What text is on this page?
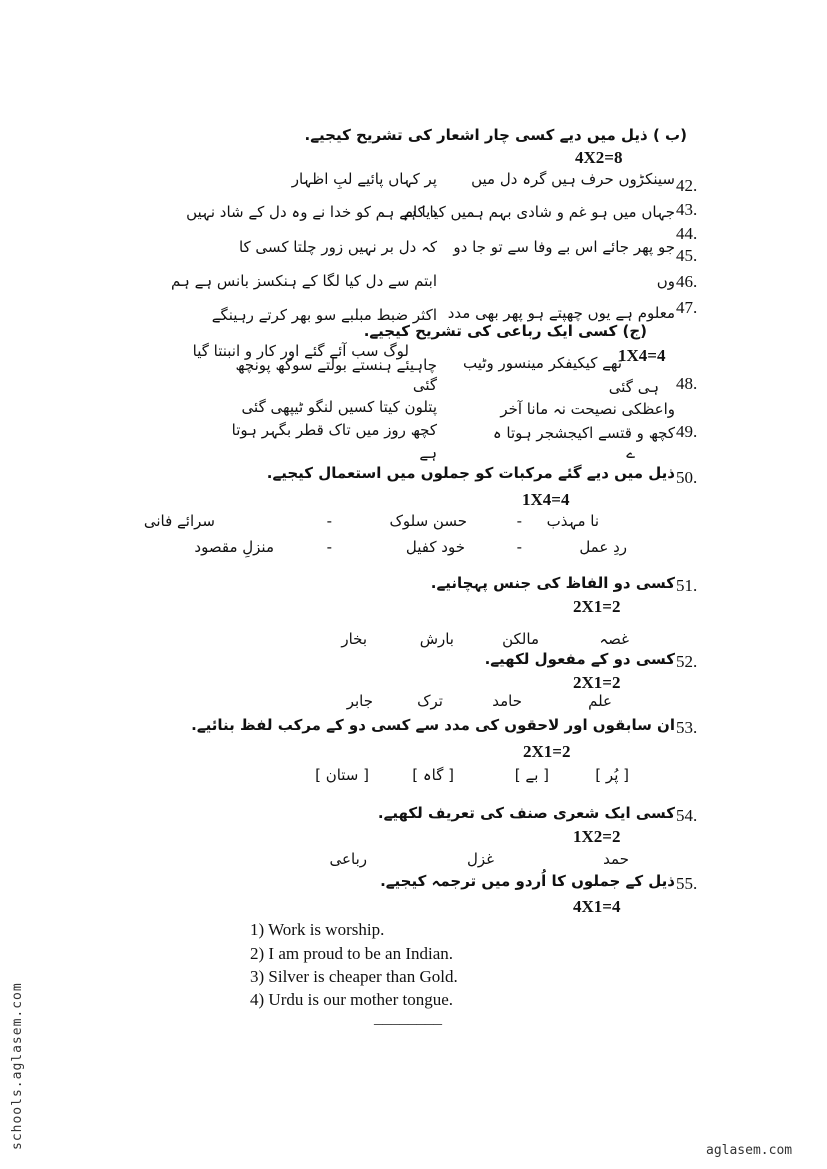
(ب ) ذیل میں دیے کسی چار اشعار کی تشریح کیجیے.
4X2=8
42.
سینکڑوں حرف ہیں گرہ دل میں
پر کہاں پائیے لبِ اظہار
43.
جہاں میں ہو غم و شادی بہم ہمیں کیا کام
دیا ہے ہم کو خدا نے وہ دل کے شاد نہیں
44.
45.
جو پھر جائے اس بے وفا سے تو جا دو
کہ دل بر نہیں زور چلتا کسی کا
46.
وں
ابتم سے دل کیا لگا کے ہنکسز بانس ہے ہم
47.
معلوم ہے یوں چھپتے ہو پھر بھی مدد
اکثر ضبط مبلبے سو بھر کرتے رہینگے
(ج) کسی ایک رباعی کی تشریح کیجیے.
1X4=4
تھے کیکیفکر مینسور وٹیب
لوگ سب آئے گئے اور کار و انبنتا گیا
چاہیئے ہنستے بولتے سوکھ پونچھ
48.
ہی گئی
گئی
واعظکی نصیحت نہ مانا آخر
پتلون کیتا کسیں لنگو ٹیپھی گئی
49.
کچھ و قتسے اکیجشجر ہوتا ہ
کچھ روز میں تاک قطر بگہر ہوتا
ے
ہے
50.
ذیل میں دیے گئے مرکبات کو جملوں میں استعمال کیجیے.
1X4=4
نا مہذب
-
حسن سلوک
-
سرائے فانی
ردِ عمل
-
خود کفیل
-
منزلِ مقصود
51.
کسی دو الفاظ کی جنس پہچانیے.
2X1=2
غصہ
مالکن
بارش
بخار
52.
کسی دو کے مفعول لکھیے.
2X1=2
علم
حامد
ترک
جابر
53.
ان سابقوں اور لاحقوں کی مدد سے کسی دو کے مرکب لفظ بنائیے.
2X1=2
[ پُر ]
[ بے ]
[ گاہ ]
[ ستان ]
54.
کسی ایک شعری صنف کی تعریف لکھیے.
1X2=2
حمد
غزل
رباعی
55.
ذیل کے جملوں کا اُردو میں ترجمہ کیجیے.
4X1=4
1) Work is worship.
2) I am proud to be an Indian.
3) Silver is cheaper than Gold.
4) Urdu is our mother tongue.
________
schools.aglasem.com
aglasem.com
